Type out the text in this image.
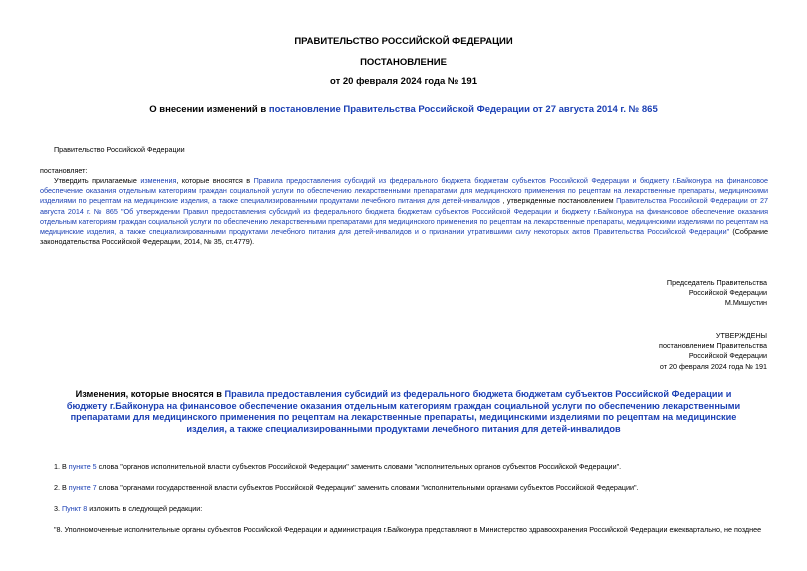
ПРАВИТЕЛЬСТВО РОССИЙСКОЙ ФЕДЕРАЦИИ
ПОСТАНОВЛЕНИЕ
от 20 февраля 2024 года № 191
О внесении изменений в постановление Правительства Российской Федерации от 27 августа 2014 г. № 865
Правительство Российской Федерации
постановляет:
Утвердить прилагаемые изменения, которые вносятся в Правила предоставления субсидий из федерального бюджета бюджетам субъектов Российской Федерации и бюджету г.Байконура на финансовое обеспечение оказания отдельным категориям граждан социальной услуги по обеспечению лекарственными препаратами для медицинского применения по рецептам на лекарственные препараты, медицинскими изделиями по рецептам на медицинские изделия, а также специализированными продуктами лечебного питания для детей-инвалидов , утвержденные постановлением Правительства Российской Федерации от 27 августа 2014 г. № 865 "Об утверждении Правил предоставления субсидий из федерального бюджета бюджетам субъектов Российской Федерации и бюджету г.Байконура на финансовое обеспечение оказания отдельным категориям граждан социальной услуги по обеспечению лекарственными препаратами для медицинского применения по рецептам на лекарственные препараты, медицинскими изделиями по рецептам на медицинские изделия, а также специализированными продуктами лечебного питания для детей-инвалидов и о признании утратившими силу некоторых актов Правительства Российской Федерации" (Собрание законодательства Российской Федерации, 2014, № 35, ст.4779).

Председатель Правительства

Российской Федерации

М.Мишустин

УТВЕРЖДЕНЫ

постановлением Правительства

Российской Федерации

от 20 февраля 2024 года № 191

Изменения, которые вносятся в Правила предоставления субсидий из федерального бюджета бюджетам субъектов Российской Федерации и бюджету г.Байконура на финансовое обеспечение оказания отдельным категориям граждан социальной услуги по обеспечению лекарственными препаратами для медицинского применения по рецептам на лекарственные препараты, медицинскими изделиями по рецептам на медицинские изделия, а также специализированными продуктами лечебного питания для детей-инвалидов
1. В пункте 5 слова "органов исполнительной власти субъектов Российской Федерации" заменить словами "исполнительных органов субъектов Российской Федерации".
2. В пункте 7 слова "органами государственной власти субъектов Российской Федерации" заменить словами "исполнительными органами субъектов Российской Федерации".
3. Пункт 8 изложить в следующей редакции:
"8. Уполномоченные исполнительные органы субъектов Российской Федерации и администрация г.Байконура представляют в Министерство здравоохранения Российской Федерации ежеквартально, не позднее
